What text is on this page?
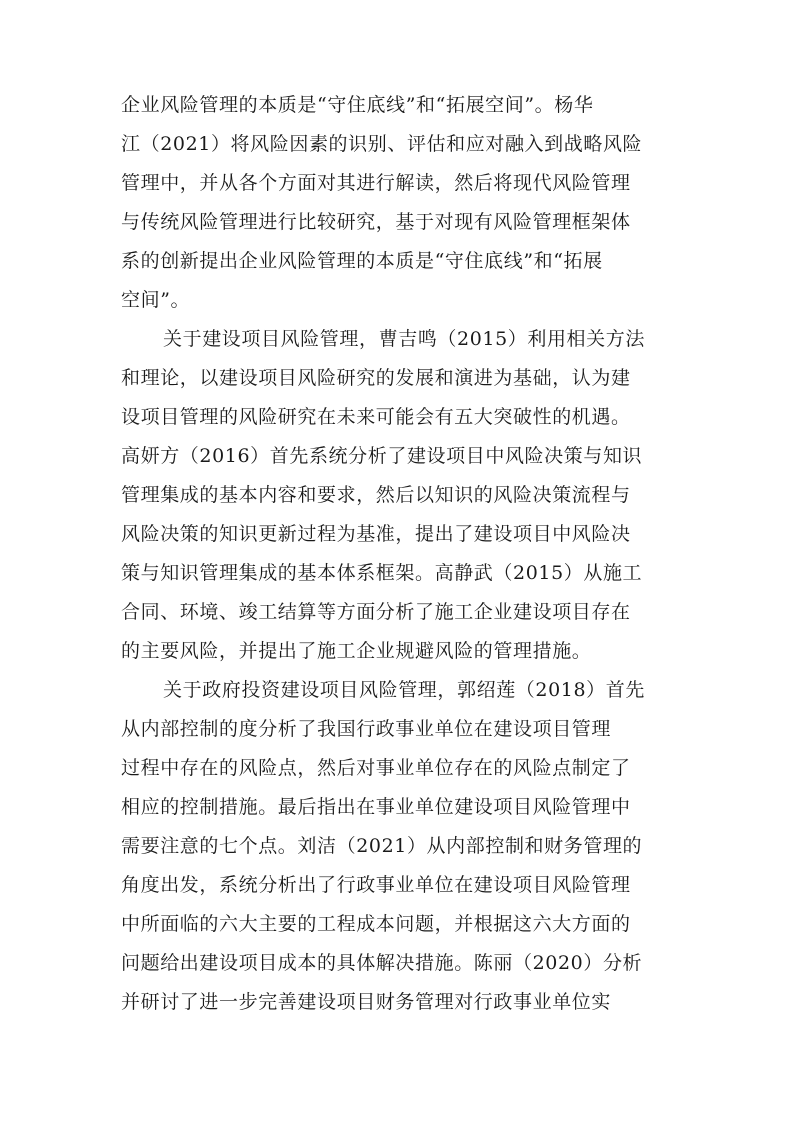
企业风险管理的本质是“守住底线”和“拓展空间”。杨华

江（2021）将风险因素的识别、评估和应对融入到战略风险

管理中，并从各个方面对其进行解读，然后将现代风险管理

与传统风险管理进行比较研究，基于对现有风险管理框架体

系的创新提出企业风险管理的本质是“守住底线”和“拓展

空间”。

关于建设项目风险管理，曹吉鸣（2015）利用相关方法

和理论，以建设项目风险研究的发展和演进为基础，认为建

设项目管理的风险研究在未来可能会有五大突破性的机遇。

高妍方（2016）首先系统分析了建设项目中风险决策与知识

管理集成的基本内容和要求，然后以知识的风险决策流程与

风险决策的知识更新过程为基准，提出了建设项目中风险决

策与知识管理集成的基本体系框架。高静武（2015）从施工

合同、环境、竣工结算等方面分析了施工企业建设项目存在

的主要风险，并提出了施工企业规避风险的管理措施。

关于政府投资建设项目风险管理，郭绍莲（2018）首先

从内部控制的度分析了我国行政事业单位在建设项目管理

过程中存在的风险点，然后对事业单位存在的风险点制定了

相应的控制措施。最后指出在事业单位建设项目风险管理中

需要注意的七个点。刘洁（2021）从内部控制和财务管理的

角度出发，系统分析出了行政事业单位在建设项目风险管理

中所面临的六大主要的工程成本问题，并根据这六大方面的

问题给出建设项目成本的具体解决措施。陈丽（2020）分析

并研讨了进一步完善建设项目财务管理对行政事业单位实
